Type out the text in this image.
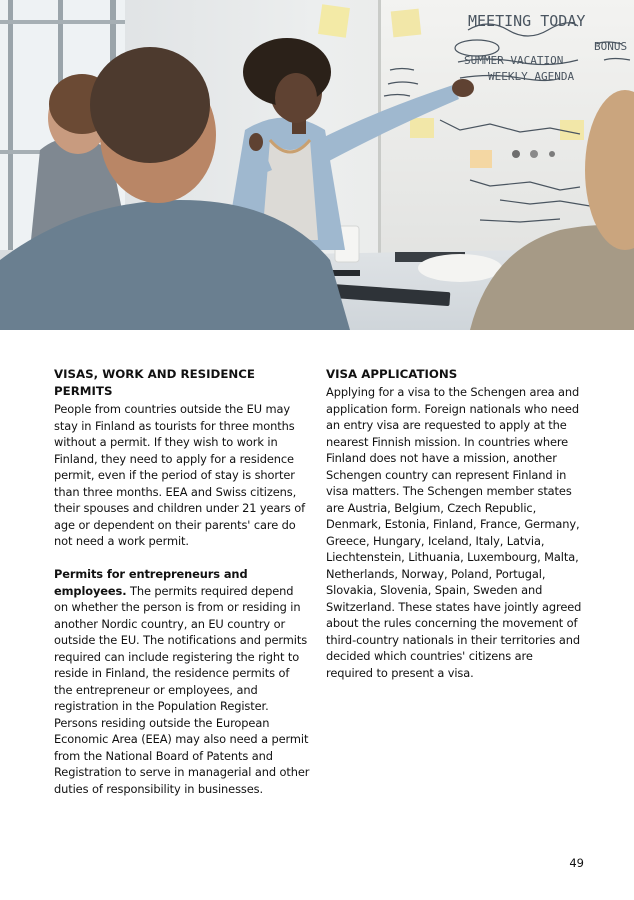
MEETING TODAY
SUMMER VACATION
WEEKLY AGENDA
BONUS
VISAS, WORK AND RESIDENCE PERMITS

People from countries outside the EU may stay in Finland as tourists for three months without a permit. If they wish to work in Finland, they need to apply for a residence permit, even if the period of stay is shorter than three months. EEA and Swiss citizens, their spouses and children under 21 years of age or dependent on their parents' care do not need a work permit.

Permits for entrepreneurs and employees. The permits required depend on whether the person is from or residing in another Nordic country, an EU country or outside the EU. The notifications and permits required can include registering the right to reside in Finland, the residence permits of the entrepreneur or employees, and registration in the Population Register. Persons residing outside the European Economic Area (EEA) may also need a permit from the National Board of Patents and Registration to serve in managerial and other duties of responsibility in businesses.

VISA APPLICATIONS

Applying for a visa to the Schengen area and application form. Foreign nationals who need an entry visa are requested to apply at the nearest Finnish mission. In countries where Finland does not have a mission, another Schengen country can represent Finland in visa matters. The Schengen member states are Austria, Belgium, Czech Republic, Denmark, Estonia, Finland, France, Germany, Greece, Hungary, Iceland, Italy, Latvia, Liechtenstein, Lithuania, Luxembourg, Malta, Netherlands, Norway, Poland, Portugal, Slovakia, Slovenia, Spain, Sweden and Switzerland. These states have jointly agreed about the rules concerning the movement of third-country nationals in their territories and decided which countries' citizens are required to present a visa.

49
